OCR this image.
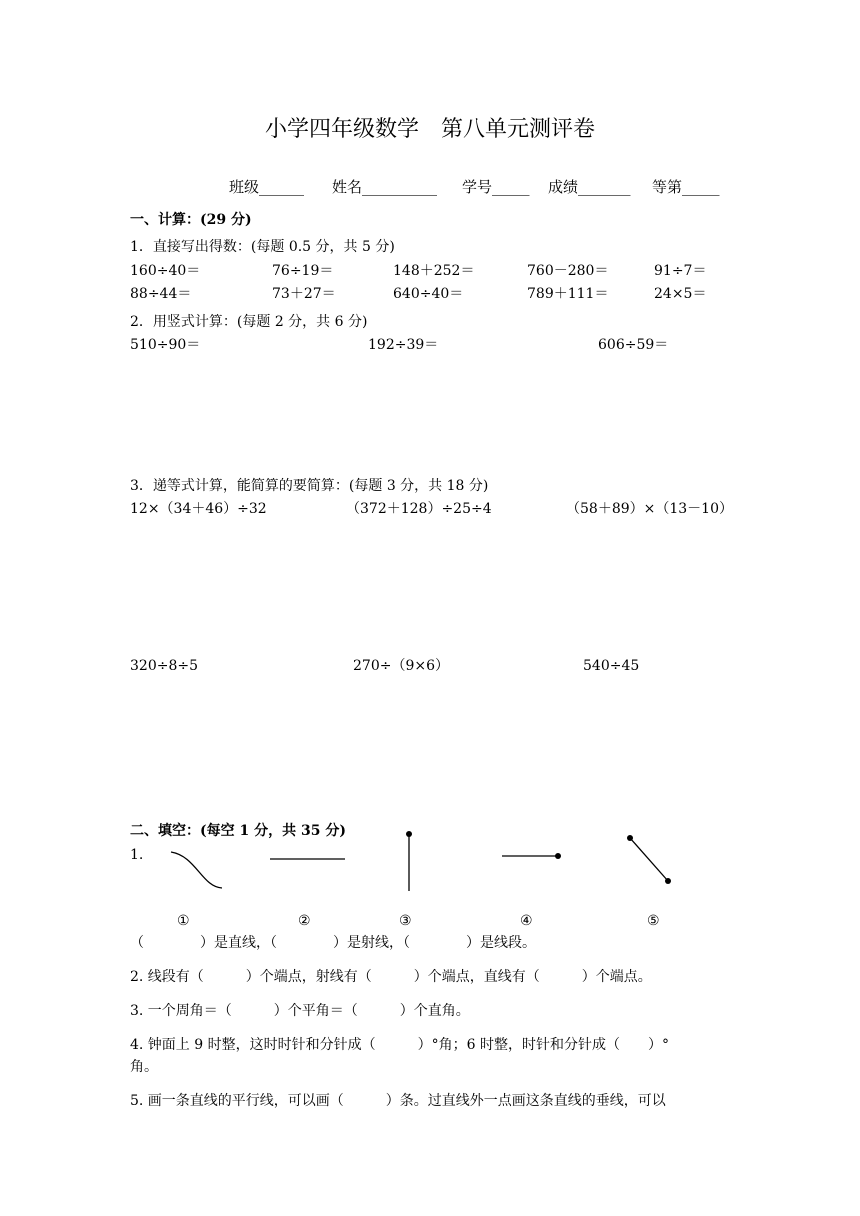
小学四年级数学　第八单元测评卷
班级______ 姓名__________ 学号_____ 成绩_______ 等第_____
一、计算：(29 分)
1．直接写出得数：(每题 0.5 分，共 5 分)
160÷40＝	76÷19＝	148＋252＝	760－280＝	91÷7＝
88÷44＝	73＋27＝	640÷40＝	789＋111＝	24×5＝
2．用竖式计算：(每题 2 分，共 6 分)
510÷90＝	192÷39＝	606÷59＝
3．递等式计算，能简算的要简算：(每题 3 分，共 18 分)
12×（34＋46）÷32	（372＋128）÷25÷4	（58＋89）×（13－10）
320÷8÷5	270÷（9×6）	540÷45
二、填空：(每空 1 分，共 35 分)
1.
①	②	③	④	⑤
（　　　　）是直线，（　　　　）是射线，（　　　　）是线段。
2. 线段有（　　　）个端点，射线有（　　　）个端点，直线有（　　　）个端点。
3. 一个周角＝（　　　）个平角＝（　　　）个直角。
4. 钟面上 9 时整，这时时针和分针成（　　　）°角；6 时整，时针和分针成（　　）°
角。
5. 画一条直线的平行线，可以画（　　　）条。过直线外一点画这条直线的垂线，可以
